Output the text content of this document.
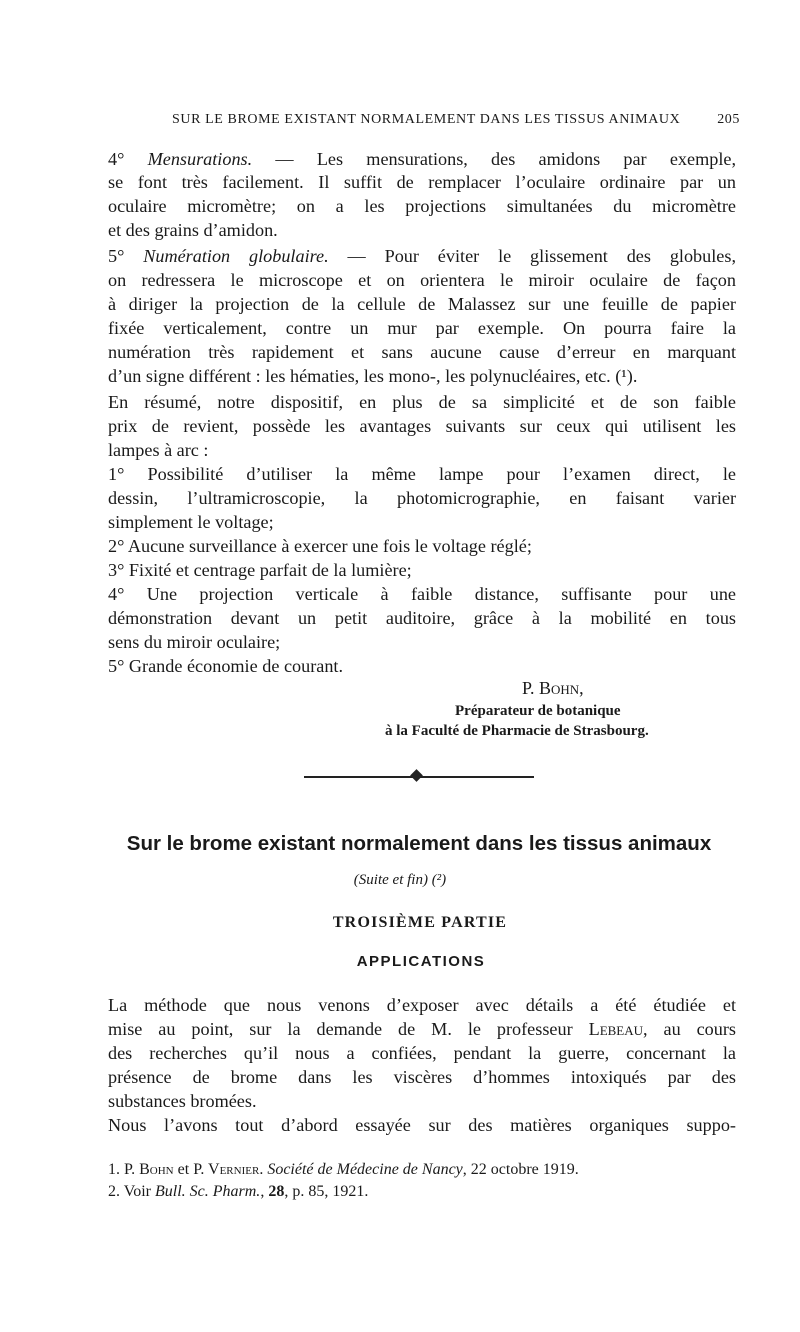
SUR LE BROME EXISTANT NORMALEMENT DANS LES TISSUS ANIMAUX	205
4° Mensurations. — Les mensurations, des amidons par exemple,
se font très facilement. Il suffit de remplacer l’oculaire ordinaire par un
oculaire micromètre; on a les projections simultanées du micromètre
et des grains d’amidon.
5° Numération globulaire. — Pour éviter le glissement des globules,
on redressera le microscope et on orientera le miroir oculaire de façon
à diriger la projection de la cellule de Malassez sur une feuille de papier
fixée verticalement, contre un mur par exemple. On pourra faire la
numération très rapidement et sans aucune cause d’erreur en marquant
d’un signe différent : les hématies, les mono-, les polynucléaires, etc. (¹).
En résumé, notre dispositif, en plus de sa simplicité et de son faible
prix de revient, possède les avantages suivants sur ceux qui utilisent les
lampes à arc :
1° Possibilité d’utiliser la même lampe pour l’examen direct, le
dessin, l’ultramicroscopie, la photomicrographie, en faisant varier
simplement le voltage;
2° Aucune surveillance à exercer une fois le voltage réglé;
3° Fixité et centrage parfait de la lumière;
4° Une projection verticale à faible distance, suffisante pour une
démonstration devant un petit auditoire, grâce à la mobilité en tous
sens du miroir oculaire;
5° Grande économie de courant.
P. Bohn,
Préparateur de botanique
à la Faculté de Pharmacie de Strasbourg.
Sur le brome existant normalement dans les tissus animaux
(Suite et fin) (²)
TROISIÈME PARTIE
APPLICATIONS
La méthode que nous venons d’exposer avec détails a été étudiée et
mise au point, sur la demande de M. le professeur Lebeau, au cours
des recherches qu’il nous a confiées, pendant la guerre, concernant la
présence de brome dans les viscères d’hommes intoxiqués par des
substances bromées.
Nous l’avons tout d’abord essayée sur des matières organiques suppo-
1. P. Bohn et P. Vernier. Société de Médecine de Nancy, 22 octobre 1919.
2. Voir Bull. Sc. Pharm., 28, p. 85, 1921.
